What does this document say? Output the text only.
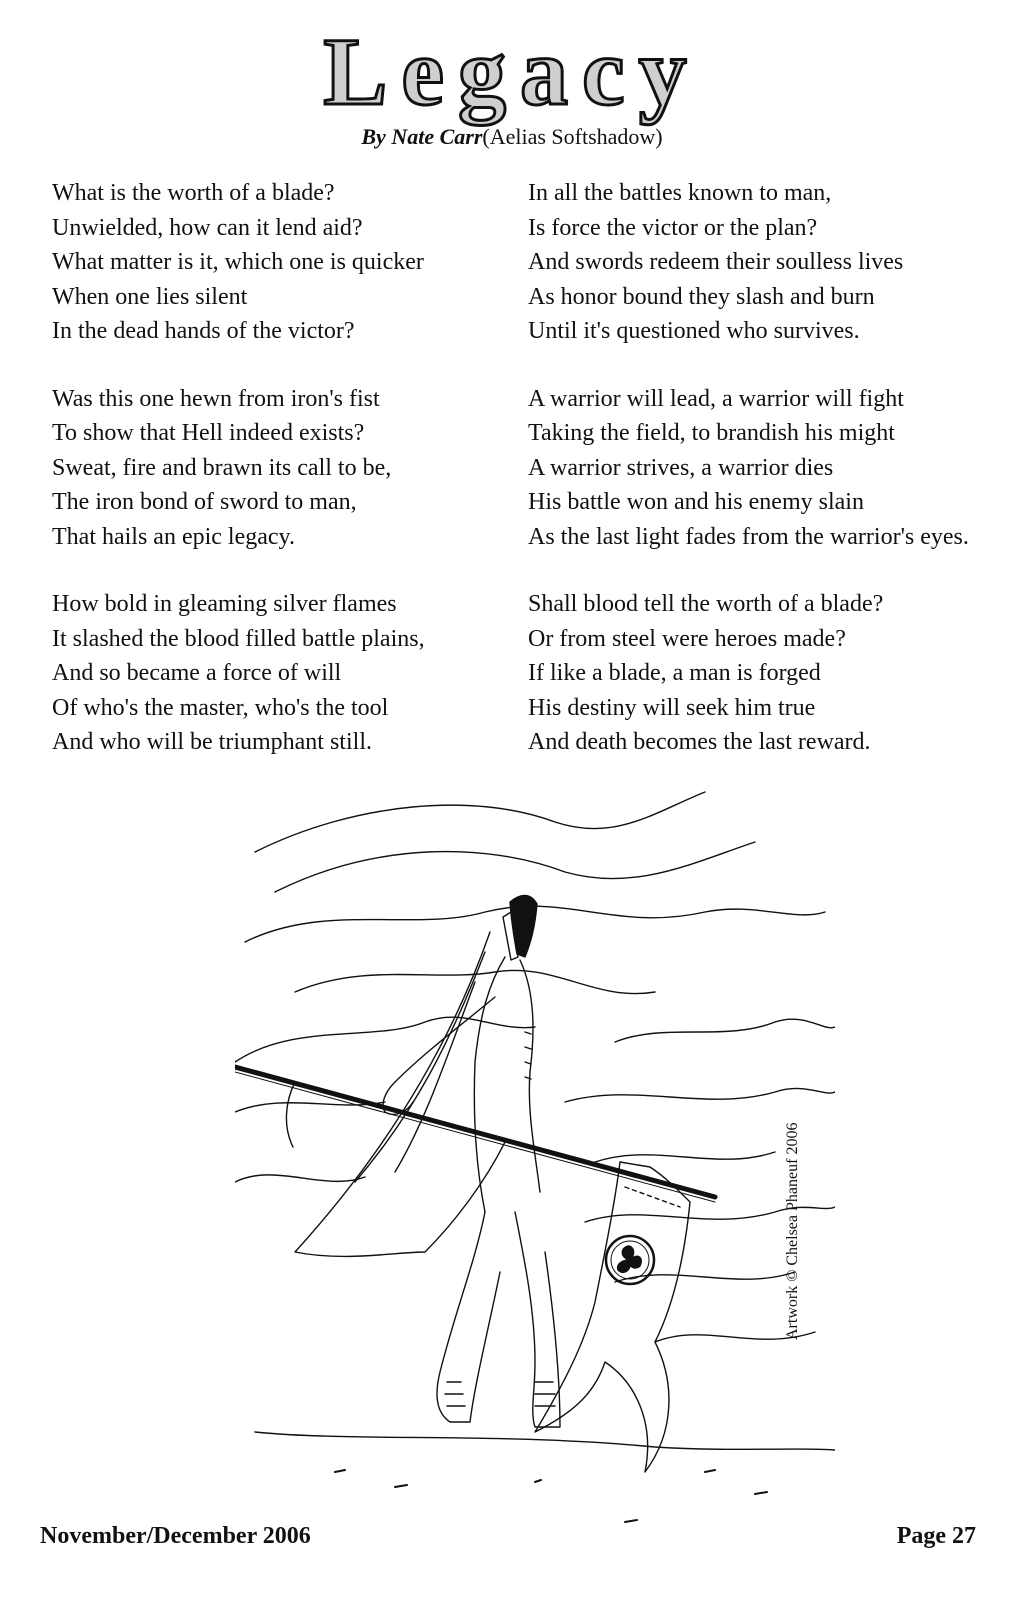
Legacy
By Nate Carr(Aelias Softshadow)
What is the worth of a blade?
Unwielded, how can it lend aid?
What matter is it, which one is quicker
When one lies silent
In the dead hands of the victor?
Was this one hewn from iron's fist
To show that Hell indeed exists?
Sweat, fire and brawn its call to be,
The iron bond of sword to man,
That hails an epic legacy.
How bold in gleaming silver flames
It slashed the blood filled battle plains,
And so became a force of will
Of who's the master, who's the tool
And who will be triumphant still.
In all the battles known to man,
Is force the victor or the plan?
And swords redeem their soulless lives
As honor bound they slash and burn
Until it's questioned who survives.
A warrior will lead, a warrior will fight
Taking the field, to brandish his might
A warrior strives, a warrior dies
His battle won and his enemy slain
As the last light fades from the warrior's eyes.
Shall blood tell the worth of a blade?
Or from steel were heroes made?
If like a blade, a man is forged
His destiny will seek him true
And death becomes the last reward.
Artwork © Chelsea Phaneuf 2006
November/December 2006	Page 27
